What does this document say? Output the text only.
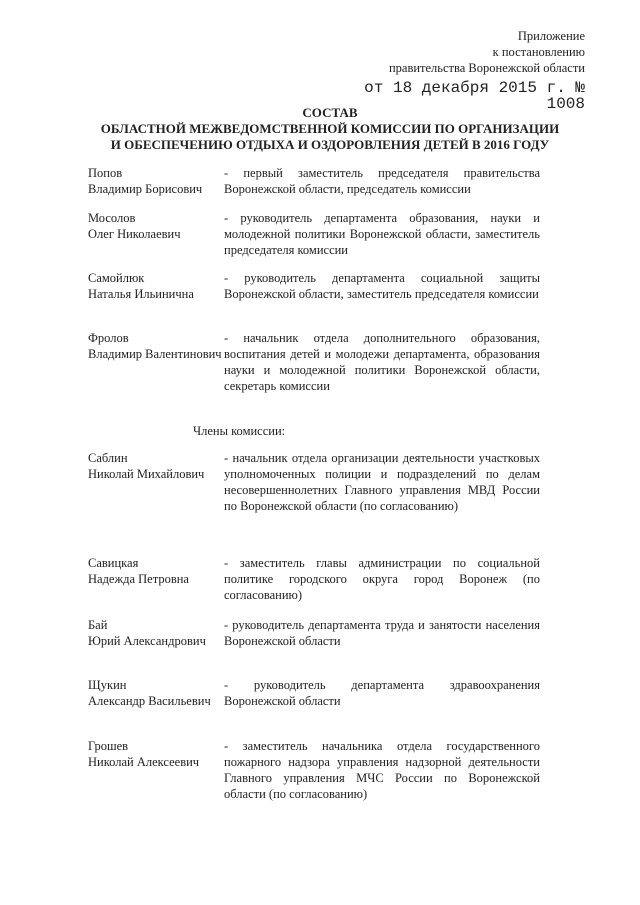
Приложение
к постановлению
правительства Воронежской области
от 18 декабря 2015 г. № 1008
СОСТАВ
ОБЛАСТНОЙ МЕЖВЕДОМСТВЕННОЙ КОМИССИИ ПО ОРГАНИЗАЦИИ
И ОБЕСПЕЧЕНИЮ ОТДЫХА И ОЗДОРОВЛЕНИЯ ДЕТЕЙ В 2016 ГОДУ
Попов
Владимир Борисович
- первый заместитель председателя правительства Воронежской области, председатель комиссии
Мосолов
Олег Николаевич
- руководитель департамента образования, науки и молодежной политики Воронежской области, заместитель председателя комиссии
Самойлюк
Наталья Ильинична
- руководитель департамента социальной защиты Воронежской области, заместитель председателя комиссии
Фролов
Владимир Валентинович
- начальник отдела дополнительного образования, воспитания детей и молодежи департамента, образования науки и молодежной политики Воронежской области, секретарь комиссии
Члены комиссии:
Саблин
Николай Михайлович
- начальник отдела организации деятельности участковых уполномоченных полиции и подразделений по делам несовершеннолетних Главного управления МВД России по Воронежской области (по согласованию)
Савицкая
Надежда Петровна
- заместитель главы администрации по социальной политике городского округа город Воронеж (по согласованию)
Бай
Юрий Александрович
- руководитель департамента труда и занятости населения Воронежской области
Щукин
Александр Васильевич
- руководитель департамента здравоохранения Воронежской области
Грошев
Николай Алексеевич
- заместитель начальника отдела государственного пожарного надзора управления надзорной деятельности Главного управления МЧС России по Воронежской области (по согласованию)
